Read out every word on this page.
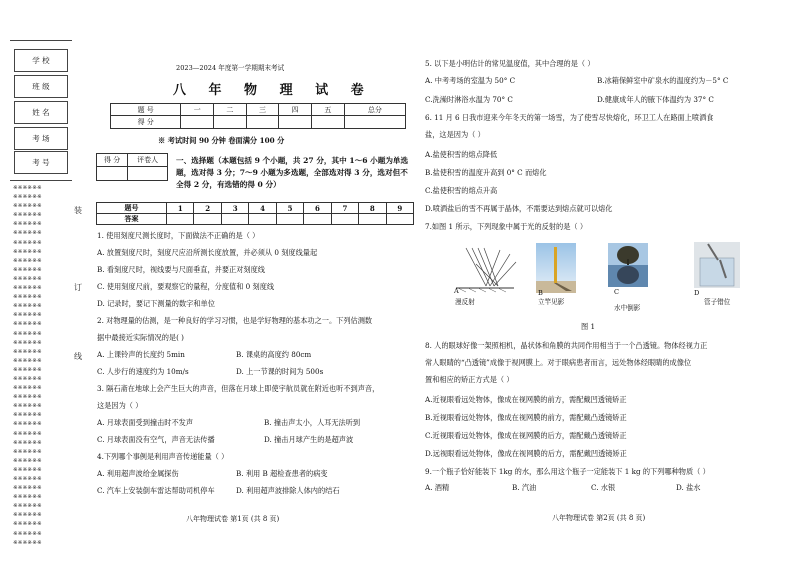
学 校
班 级
姓 名
考 场
考 号
※※※※※※
※※※※※※
※※※※※※
※※※※※※
※※※※※※
※※※※※※
※※※※※※
※※※※※※
※※※※※※
※※※※※※
※※※※※※
※※※※※※
※※※※※※
※※※※※※
※※※※※※
※※※※※※
※※※※※※
※※※※※※
※※※※※※
※※※※※※
※※※※※※
※※※※※※
※※※※※※
※※※※※※
※※※※※※
※※※※※※
※※※※※※
※※※※※※
※※※※※※
※※※※※※
※※※※※※
※※※※※※
※※※※※※
※※※※※※
※※※※※※
※※※※※※
※※※※※※
※※※※※※
※※※※※※
※※※※※※
装
订
线
2023—2024 年度第一学期期末考试
八 年 物 理 试 卷
题 号	一	二	三	四	五	总分
得 分						
※ 考试时间 90 分钟 卷面满分 100 分
得 分	评卷人
	一、选择题（本题包括 9 个小题，共 27 分，其中 1～6 小题为单选
题，选对得 3 分；7～9 小题为多选题，全部选对得 3 分，选对但不
全得 2 分，有选错的得 0 分）
题号	1	2	3	4	5	6	7	8	9
答案									
1. 使用刻度尺测长度时，下面做法不正确的是（ ）
A. 放置刻度尺时，刻度尺应沿所测长度放置，并必须从 0 刻度线量起
B. 看刻度尺时，视线要与尺面垂直，并要正对刻度线
C. 使用刻度尺前，要观察它的量程，分度值和 0 刻度线
D. 记录时，要记下测量的数字和单位
2. 对物理量的估测，是一种良好的学习习惯，也是学好物理的基本功之一。下列估测数
据中最接近实际情况的是( )
A. 上课铃声的长度约 5min	B. 课桌的高度约 80cm
C. 人步行的速度约为 10m/s	D. 上一节课的时间为 500s
3. 隔石斋在地球上会产生巨大的声音，但落在月球上即使宇航员就在附近也听不到声音，
这是因为（ ）
A. 月球表面受到撞击时不发声	B. 撞击声太小，人耳无法听到
C. 月球表面没有空气，声音无法传播	D. 撞击月球产生的是超声波
4.下列哪个事例是利用声音传递能量（ ）
A. 利用超声波给金属探伤	B. 利用 B 超检查患者的病变
C. 汽车上安装倒车雷达帮助司机停车	D. 利用超声波排除人体内的结石
八年物理试卷 第1页 (共 8 页)
5. 以下是小明估计的常见温度值，其中合理的是（ ）
A. 中考考场的室温为 50° C	B.冰箱保鲜室中矿泉水的温度约为－5° C
C.洗澡时淋浴水温为 70° C	D.健康成年人的腋下体温约为 37° C
6. 11 月 6 日我市迎来今年冬天的第一场雪，为了使雪尽快熔化，环卫工人在路面上喷洒食
盐，这是因为（ ）
A.盐使积雪的熔点降低
B.盐使积雪的温度升高到 0° C 而熔化
C.盐使积雪的熔点升高
D.喷洒盐后的雪不再属于晶体，不需要达到熔点就可以熔化
7.如图 1 所示，下列现象中属于光的反射的是（ ）
A	B	C	D
漫反射	立竿见影
水中倒影
管子错位
图 1
8. 人的眼球好像一架照相机，晶状体和角膜的共同作用相当于一个凸透镜。物体经视力正
常人眼睛的“凸透镜”成像于视网膜上。对于眼病患者而言，远处物体经眼睛的成像位
置和相应的矫正方式是（ ）
A.近视眼看远处物体，像成在视网膜的前方，需配戴凹透镜矫正
B.近视眼看远处物体，像成在视网膜的前方，需配戴凸透镜矫正
C.近视眼看远处物体，像成在视网膜的后方，需配戴凸透镜矫正
D.远视眼看远处物体，像成在视网膜的后方，需配戴凹透镜矫正
9.一个瓶子恰好能装下 1kg 的水，那么用这个瓶子一定能装下 1 kg 的下列哪种物质（ ）
A. 酒精	B. 汽油	C. 水银	D. 盐水
八年物理试卷 第2页 (共 8 页)
